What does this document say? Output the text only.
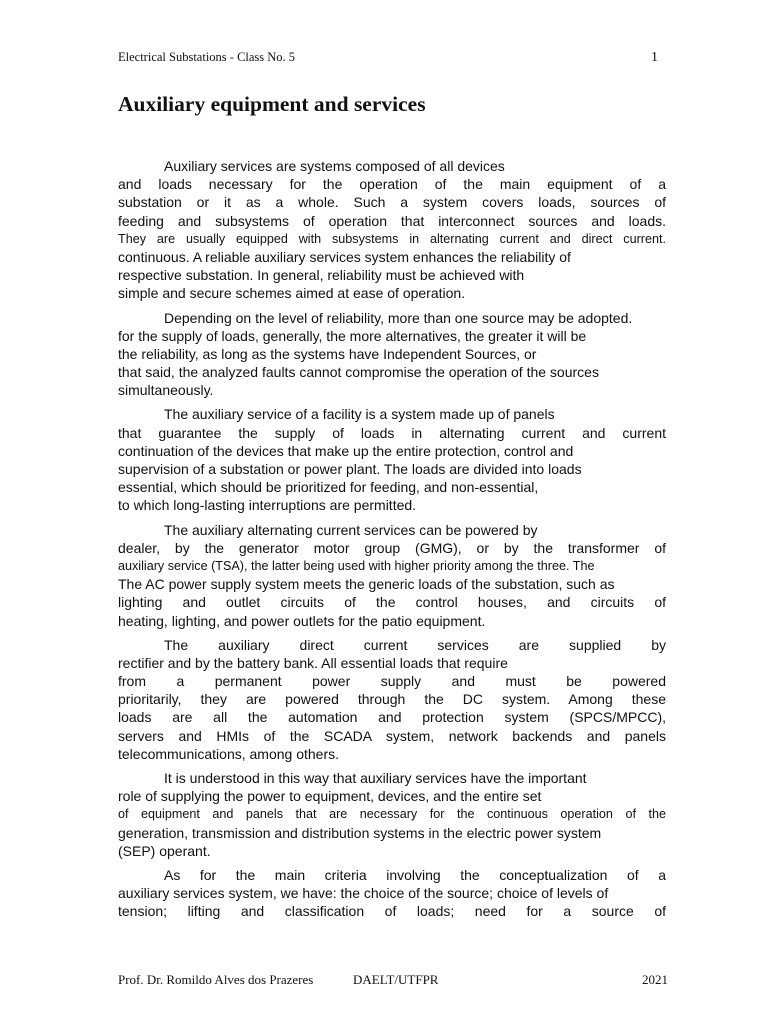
Electrical Substations - Class No. 5	1
Auxiliary equipment and services

Auxiliary services are systems composed of all devices
and loads necessary for the operation of the main equipment of a
substation or it as a whole. Such a system covers loads, sources of
feeding and subsystems of operation that interconnect sources and loads.
They are usually equipped with subsystems in alternating current and direct current.
continuous. A reliable auxiliary services system enhances the reliability of
respective substation. In general, reliability must be achieved with
simple and secure schemes aimed at ease of operation.

Depending on the level of reliability, more than one source may be adopted.
for the supply of loads, generally, the more alternatives, the greater it will be
the reliability, as long as the systems have Independent Sources, or
that said, the analyzed faults cannot compromise the operation of the sources
simultaneously.

The auxiliary service of a facility is a system made up of panels
that guarantee the supply of loads in alternating current and current
continuation of the devices that make up the entire protection, control and
supervision of a substation or power plant. The loads are divided into loads
essential, which should be prioritized for feeding, and non-essential,
to which long-lasting interruptions are permitted.

The auxiliary alternating current services can be powered by
dealer, by the generator motor group (GMG), or by the transformer of
auxiliary service (TSA), the latter being used with higher priority among the three. The
The AC power supply system meets the generic loads of the substation, such as
lighting and outlet circuits of the control houses, and circuits of
heating, lighting, and power outlets for the patio equipment.

The auxiliary direct current services are supplied by
rectifier and by the battery bank. All essential loads that require
from a permanent power supply and must be powered
prioritarily, they are powered through the DC system. Among these
loads are all the automation and protection system (SPCS/MPCC),
servers and HMIs of the SCADA system, network backends and panels
telecommunications, among others.

It is understood in this way that auxiliary services have the important
role of supplying the power to equipment, devices, and the entire set
of equipment and panels that are necessary for the continuous operation of the
generation, transmission and distribution systems in the electric power system
(SEP) operant.

As for the main criteria involving the conceptualization of a
auxiliary services system, we have: the choice of the source; choice of levels of
tension; lifting and classification of loads; need for a source of

Prof. Dr. Romildo Alves dos Prazeres	DAELT/UTFPR	2021
